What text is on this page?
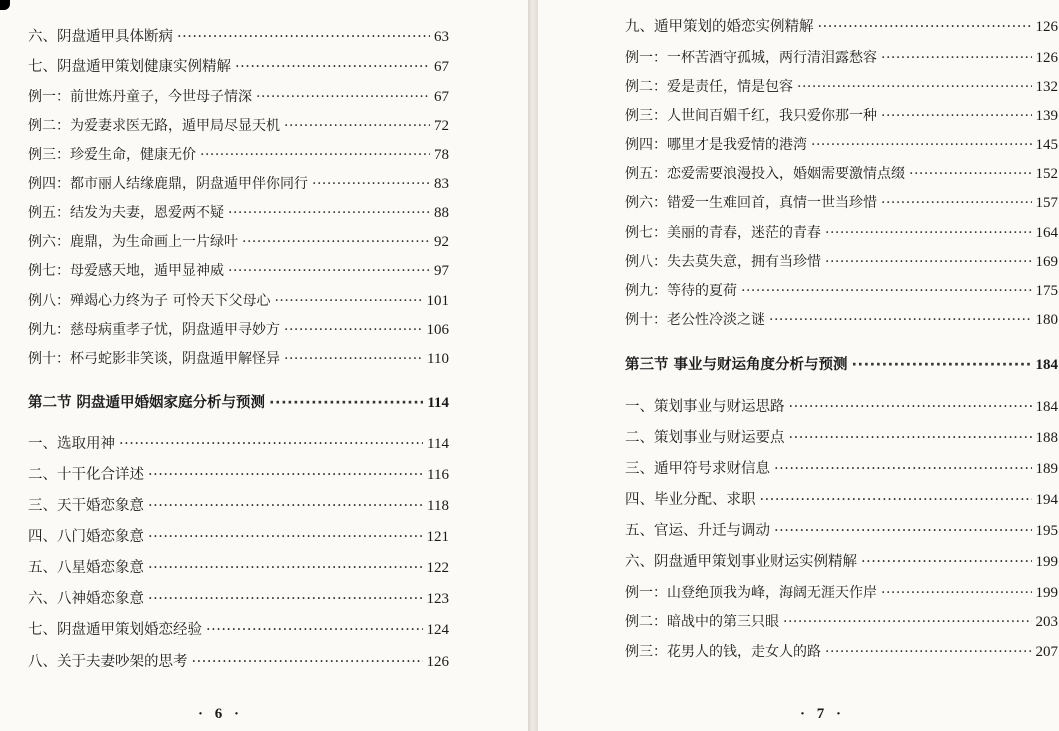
六、阴盘遁甲具体断病 ·····	63
七、阴盘遁甲策划健康实例精解 ·····	67
例一：前世炼丹童子，今世母子情深 ·····	67
例二：为爱妻求医无路，遁甲局尽显天机 ·····	72
例三：珍爱生命，健康无价 ·····	78
例四：都市丽人结缘鹿鼎，阴盘遁甲伴你同行 ·····	83
例五：结发为夫妻，恩爱两不疑 ·····	88
例六：鹿鼎，为生命画上一片绿叶 ·····	92
例七：母爱感天地，遁甲显神威 ·····	97
例八：殚竭心力终为子 可怜天下父母心 ·····	101
例九：慈母病重孝子忧，阴盘遁甲寻妙方 ·····	106
例十：杯弓蛇影非笑谈，阴盘遁甲解怪异 ·····	110
第二节 阴盘遁甲婚姻家庭分析与预测 ·····	114
一、选取用神 ·····	114
二、十干化合详述 ·····	116
三、天干婚恋象意 ·····	118
四、八门婚恋象意 ·····	121
五、八星婚恋象意 ·····	122
六、八神婚恋象意 ·····	123
七、阴盘遁甲策划婚恋经验 ·····	124
八、关于夫妻吵架的思考 ·····	126
· 6 ·
九、遁甲策划的婚恋实例精解 ·····	126
例一：一杯苦酒守孤城，两行清泪露愁容 ·····	126
例二：爱是责任，情是包容 ·····	132
例三：人世间百媚千红，我只爱你那一种 ·····	139
例四：哪里才是我爱情的港湾 ·····	145
例五：恋爱需要浪漫投入，婚姻需要激情点缀 ·····	152
例六：错爱一生难回首，真情一世当珍惜 ·····	157
例七：美丽的青春，迷茫的青春 ·····	164
例八：失去莫失意，拥有当珍惜 ·····	169
例九：等待的夏荷 ·····	175
例十：老公性冷淡之谜 ·····	180
第三节 事业与财运角度分析与预测 ·····	184
一、策划事业与财运思路 ·····	184
二、策划事业与财运要点 ·····	188
三、遁甲符号求财信息 ·····	189
四、毕业分配、求职 ·····	194
五、官运、升迁与调动 ·····	195
六、阴盘遁甲策划事业财运实例精解 ·····	199
例一：山登绝顶我为峰，海阔无涯天作岸 ·····	199
例二：暗战中的第三只眼 ·····	203
例三：花男人的钱，走女人的路 ·····	207
· 7 ·
